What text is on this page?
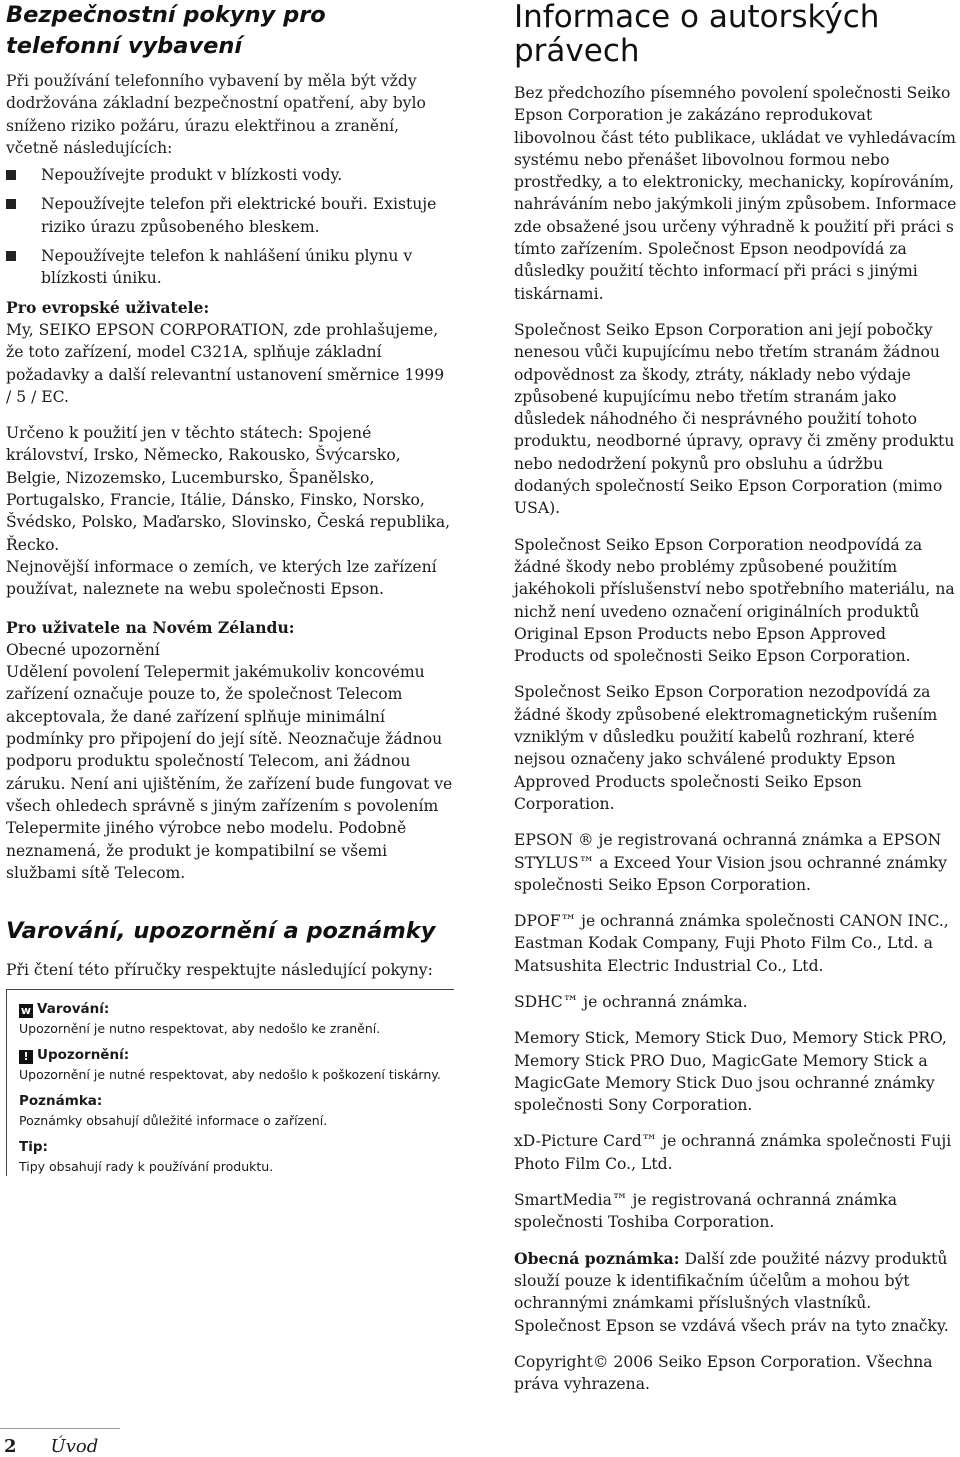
Bezpečnostní pokyny pro telefonní vybavení

Při používání telefonního vybavení by měla být vždy dodržována základní bezpečnostní opatření, aby bylo sníženo riziko požáru, úrazu elektřinou a zranění, včetně následujících:

Nepoužívejte produkt v blízkosti vody.
Nepoužívejte telefon při elektrické bouři. Existuje riziko úrazu způsobeného bleskem.
Nepoužívejte telefon k nahlášení úniku plynu v blízkosti úniku.

Pro evropské uživatele:

My, SEIKO EPSON CORPORATION, zde prohlašujeme, že toto zařízení, model C321A, splňuje základní požadavky a další relevantní ustanovení směrnice 1999 / 5 / EC.

Určeno k použití jen v těchto státech: Spojené království, Irsko, Německo, Rakousko, Švýcarsko, Belgie, Nizozemsko, Lucembursko, Španělsko, Portugalsko, Francie, Itálie, Dánsko, Finsko, Norsko, Švédsko, Polsko, Maďarsko, Slovinsko, Česká republika, Řecko.

Nejnovější informace o zemích, ve kterých lze zařízení používat, naleznete na webu společnosti Epson.

Pro uživatele na Novém Zélandu:

Obecné upozornění

Udělení povolení Telepermit jakémukoliv koncovému zařízení označuje pouze to, že společnost Telecom akceptovala, že dané zařízení splňuje minimální podmínky pro připojení do její sítě. Neoznačuje žádnou podporu produktu společností Telecom, ani žádnou záruku. Není ani ujištěním, že zařízení bude fungovat ve všech ohledech správně s jiným zařízením s povolením Telepermite jiného výrobce nebo modelu. Podobně neznamená, že produkt je kompatibilní se všemi službami sítě Telecom.

Varování, upozornění a poznámky

Při čtení této příručky respektujte následující pokyny:

w Varování:
Upozornění je nutno respektovat, aby nedošlo ke zranění.
! Upozornění:
Upozornění je nutné respektovat, aby nedošlo k poškození tiskárny.
Poznámka:
Poznámky obsahují důležité informace o zařízení.
Tip:
Tipy obsahují rady k používání produktu.
Informace o autorských právech

Bez předchozího písemného povolení společnosti Seiko Epson Corporation je zakázáno reprodukovat libovolnou část této publikace, ukládat ve vyhledávacím systému nebo přenášet libovolnou formou nebo prostředky, a to elektronicky, mechanicky, kopírováním, nahráváním nebo jakýmkoli jiným způsobem. Informace zde obsažené jsou určeny výhradně k použití při práci s tímto zařízením. Společnost Epson neodpovídá za důsledky použití těchto informací při práci s jinými tiskárnami.

Společnost Seiko Epson Corporation ani její pobočky nenesou vůči kupujícímu nebo třetím stranám žádnou odpovědnost za škody, ztráty, náklady nebo výdaje způsobené kupujícímu nebo třetím stranám jako důsledek náhodného či nesprávného použití tohoto produktu, neodborné úpravy, opravy či změny produktu nebo nedodržení pokynů pro obsluhu a údržbu dodaných společností Seiko Epson Corporation (mimo USA).

Společnost Seiko Epson Corporation neodpovídá za žádné škody nebo problémy způsobené použitím jakéhokoli příslušenství nebo spotřebního materiálu, na nichž není uvedeno označení originálních produktů Original Epson Products nebo Epson Approved Products od společnosti Seiko Epson Corporation.

Společnost Seiko Epson Corporation nezodpovídá za žádné škody způsobené elektromagnetickým rušením vzniklým v důsledku použití kabelů rozhraní, které nejsou označeny jako schválené produkty Epson Approved Products společnosti Seiko Epson Corporation.

EPSON ® je registrovaná ochranná známka a EPSON STYLUS™ a Exceed Your Vision jsou ochranné známky společnosti Seiko Epson Corporation.

DPOF™ je ochranná známka společnosti CANON INC., Eastman Kodak Company, Fuji Photo Film Co., Ltd. a Matsushita Electric Industrial Co., Ltd.

SDHC™ je ochranná známka.

Memory Stick, Memory Stick Duo, Memory Stick PRO, Memory Stick PRO Duo, MagicGate Memory Stick a MagicGate Memory Stick Duo jsou ochranné známky společnosti Sony Corporation.

xD-Picture Card™ je ochranná známka společnosti Fuji Photo Film Co., Ltd.

SmartMedia™ je registrovaná ochranná známka společnosti Toshiba Corporation.

Obecná poznámka: Další zde použité názvy produktů slouží pouze k identifikačním účelům a mohou být ochrannými známkami příslušných vlastníků. Společnost Epson se vzdává všech práv na tyto značky.

Copyright© 2006 Seiko Epson Corporation. Všechna práva vyhrazena.

2 Úvod
